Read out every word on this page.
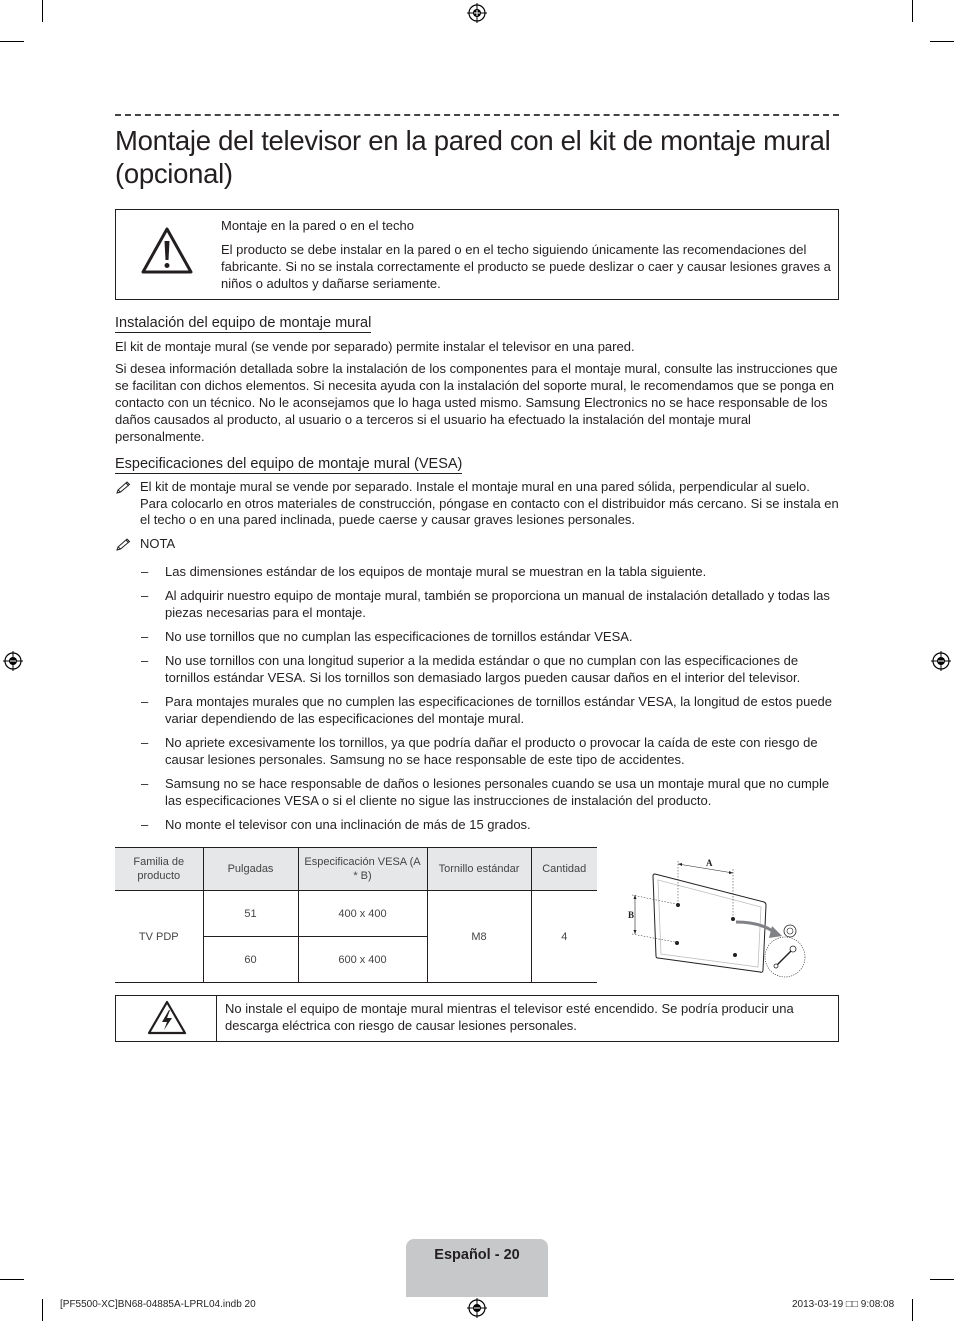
Montaje del televisor en la pared con el kit de montaje mural (opcional)
Montaje en la pared o en el techo
El producto se debe instalar en la pared o en el techo siguiendo únicamente las recomendaciones del fabricante. Si no se instala correctamente el producto se puede deslizar o caer y causar lesiones graves a niños o adultos y dañarse seriamente.
Instalación del equipo de montaje mural
El kit de montaje mural (se vende por separado) permite instalar el televisor en una pared.
Si desea información detallada sobre la instalación de los componentes para el montaje mural, consulte las instrucciones que se facilitan con dichos elementos. Si necesita ayuda con la instalación del soporte mural, le recomendamos que se ponga en contacto con un técnico. No le aconsejamos que lo haga usted mismo. Samsung Electronics no se hace responsable de los daños causados al producto, al usuario o a terceros si el usuario ha efectuado la instalación del montaje mural personalmente.
Especificaciones del equipo de montaje mural (VESA)
El kit de montaje mural se vende por separado. Instale el montaje mural en una pared sólida, perpendicular al suelo. Para colocarlo en otros materiales de construcción, póngase en contacto con el distribuidor más cercano. Si se instala en el techo o en una pared inclinada, puede caerse y causar graves lesiones personales.
NOTA
– Las dimensiones estándar de los equipos de montaje mural se muestran en la tabla siguiente.
– Al adquirir nuestro equipo de montaje mural, también se proporciona un manual de instalación detallado y todas las piezas necesarias para el montaje.
– No use tornillos que no cumplan las especificaciones de tornillos estándar VESA.
– No use tornillos con una longitud superior a la medida estándar o que no cumplan con las especificaciones de tornillos estándar VESA. Si los tornillos son demasiado largos pueden causar daños en el interior del televisor.
– Para montajes murales que no cumplen las especificaciones de tornillos estándar VESA, la longitud de estos puede variar dependiendo de las especificaciones del montaje mural.
– No apriete excesivamente los tornillos, ya que podría dañar el producto o provocar la caída de este con riesgo de causar lesiones personales. Samsung no se hace responsable de este tipo de accidentes.
– Samsung no se hace responsable de daños o lesiones personales cuando se usa un montaje mural que no cumple las especificaciones VESA o si el cliente no sigue las instrucciones de instalación del producto.
– No monte el televisor con una inclinación de más de 15 grados.
Familia de producto	Pulgadas	Especificación VESA (A * B)	Tornillo estándar	Cantidad
TV PDP	51	400 x 400	M8	4
	60	600 x 400		
A
B
No instale el equipo de montaje mural mientras el televisor esté encendido. Se podría producir una descarga eléctrica con riesgo de causar lesiones personales.
Español - 20
[PF5500-XC]BN68-04885A-LPRL04.indb 20	2013-03-19 □□ 9:08:08
